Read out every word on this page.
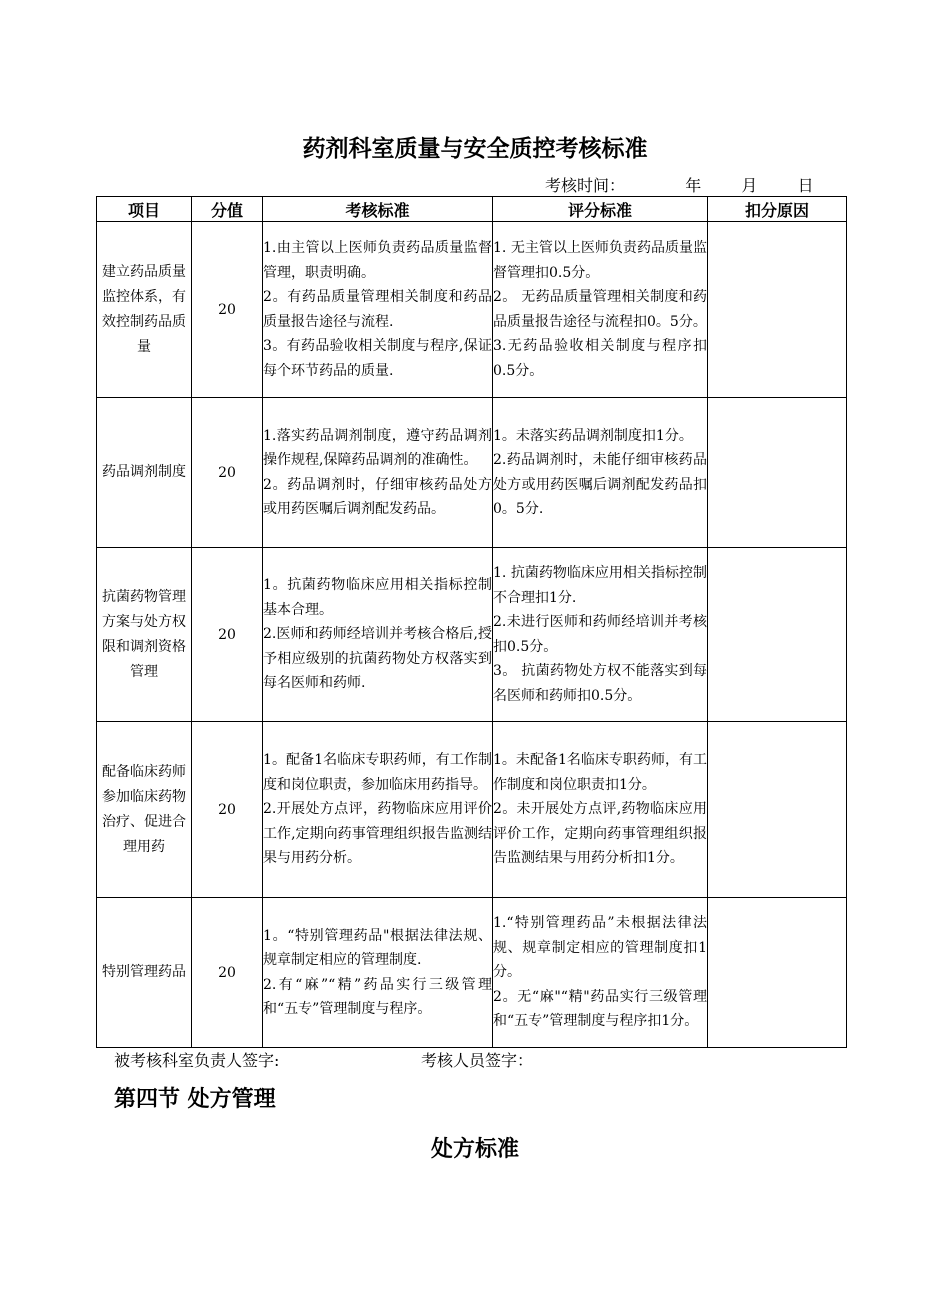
药剂科室质量与安全质控考核标准
考核时间：	年	月	日
项目	分值	考核标准	评分标准	扣分原因
建立药品质量监控体系，有效控制药品质量	20	1.由主管以上医师负责药品质量监督管理，职责明确。
2。有药品质量管理相关制度和药品质量报告途径与流程.
3。有药品验收相关制度与程序,保证每个环节药品的质量.	1. 无主管以上医师负责药品质量监督管理扣0.5分。
2。 无药品质量管理相关制度和药品质量报告途径与流程扣0。5分。
3.无药品验收相关制度与程序扣0.5分。	

药品调剂制度	20	1.落实药品调剂制度，遵守药品调剂操作规程,保障药品调剂的准确性。
2。药品调剂时，仔细审核药品处方或用药医嘱后调剂配发药品。	1。未落实药品调剂制度扣1分。
2.药品调剂时，未能仔细审核药品处方或用药医嘱后调剂配发药品扣0。5分.	

抗菌药物管理方案与处方权限和调剂资格管理	20	1。抗菌药物临床应用相关指标控制基本合理。
2.医师和药师经培训并考核合格后,授予相应级别的抗菌药物处方权落实到每名医师和药师.	1. 抗菌药物临床应用相关指标控制不合理扣1分.
2.未进行医师和药师经培训并考核扣0.5分。
3。 抗菌药物处方权不能落实到每名医师和药师扣0.5分。	

配备临床药师参加临床药物治疗、促进合理用药	20	1。配备1名临床专职药师，有工作制度和岗位职责，参加临床用药指导。
2.开展处方点评，药物临床应用评价工作,定期向药事管理组织报告监测结果与用药分析。	1。未配备1名临床专职药师，有工作制度和岗位职责扣1分。
2。未开展处方点评,药物临床应用评价工作，定期向药事管理组织报告监测结果与用药分析扣1分。	

特别管理药品	20	1。“特别管理药品"根据法律法规、规章制定相应的管理制度.
2.有“麻”“精”药品实行三级管理和“五专”管理制度与程序。	1.“特别管理药品”未根据法律法规、规章制定相应的管理制度扣1分。
2。无“麻"“精"药品实行三级管理和“五专”管理制度与程序扣1分。	

被考核科室负责人签字:	考核人员签字：
第四节 处方管理
处方标准
